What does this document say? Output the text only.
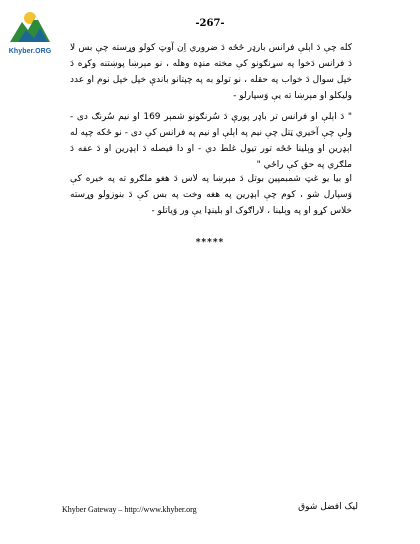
Khyber.ORG
-267-
کله چې دَ اېلې فرانس بارډر ځځه دَ ضروري اِن آوټ کولو وړسته چې بس لا دَ فرانس دَخوا په سړنګونو کې مخته منډه وهله ، نو مېرښا پوښتنه وکړه دَ خپل سوال دَ خواب په حقله ، نو تولو به په چپتانو باندې خپل خپل نوم او عدد ولیکلو او مېرښا ته یې وَسپارلو -
" دَ اېلې او فرانس تر باډر پورې دَ سُرنګونو شمېر 169 او نیم سُرنګ دی - ولې چې آخیري ټتل چې نیم په اېلې او نیم په فرانس کې دی - نو ځکه چپه له اېډرین او وېلینا ځځه تور تیول غلط دي - او دا فیصله دَ اېډرین او دَ عفه دَ ملګري په حق کې راځي "
او بیا یو غټ شمبمپین بوتل دَ مېرښا په لاس دَ هغو ملګرو ته په خیره کې وَسپارل شو ، کوم چې اېډرین په هغه وخت په بس کې دَ بنوزولو وړسته خلاس کړو او په وېلینا ، لاراګوک او بلینډا یې ور وَیاتلو -
*****
Khyber Gateway – http://www.khyber.org	لیک افضل شوق
